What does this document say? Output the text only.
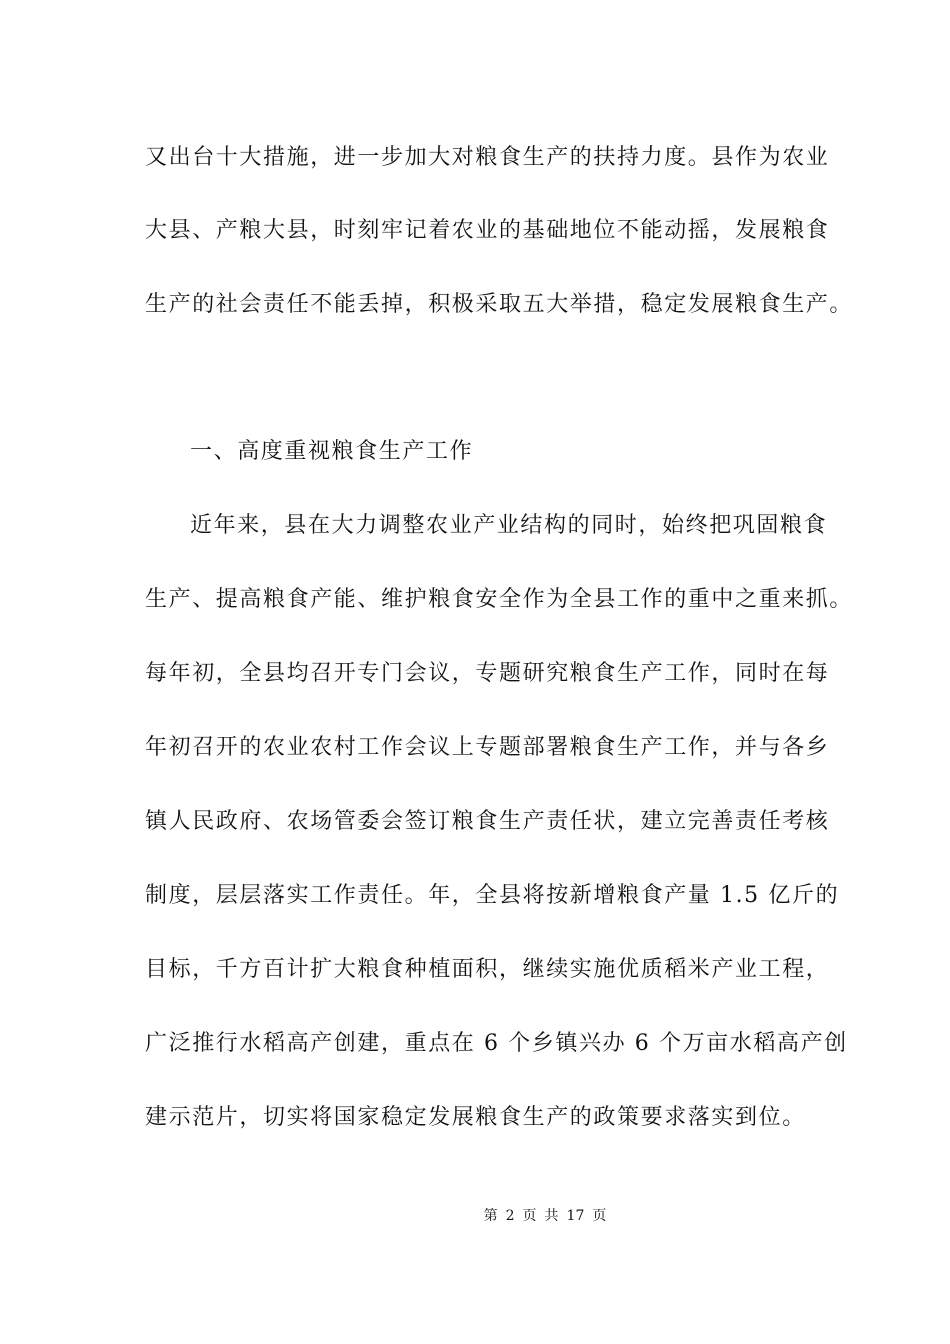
又出台十大措施，进一步加大对粮食生产的扶持力度。县作为农业
大县、产粮大县，时刻牢记着农业的基础地位不能动摇，发展粮食
生产的社会责任不能丢掉，积极采取五大举措，稳定发展粮食生产。
一、高度重视粮食生产工作
近年来，县在大力调整农业产业结构的同时，始终把巩固粮食
生产、提高粮食产能、维护粮食安全作为全县工作的重中之重来抓。
每年初，全县均召开专门会议，专题研究粮食生产工作，同时在每
年初召开的农业农村工作会议上专题部署粮食生产工作，并与各乡
镇人民政府、农场管委会签订粮食生产责任状，建立完善责任考核
制度，层层落实工作责任。年，全县将按新增粮食产量 1.5 亿斤的
目标，千方百计扩大粮食种植面积，继续实施优质稻米产业工程，
广泛推行水稻高产创建，重点在 6 个乡镇兴办 6 个万亩水稻高产创
建示范片，切实将国家稳定发展粮食生产的政策要求落实到位。
第 2 页 共 17 页
